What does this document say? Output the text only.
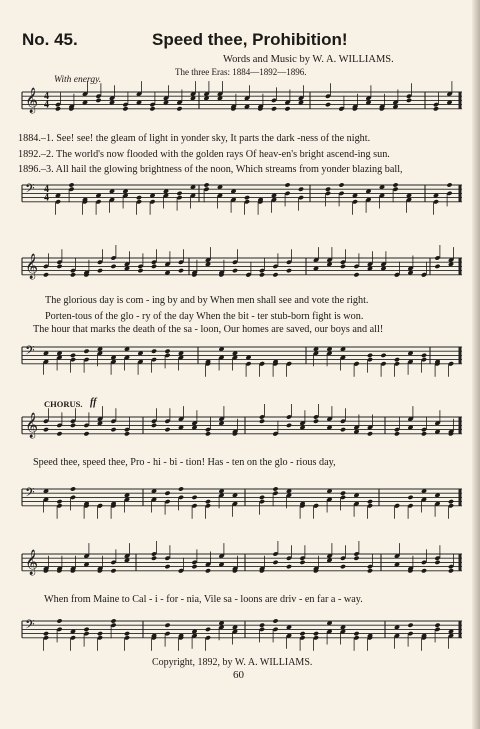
𝄞
𝄢
𝄞
𝄢
𝄞
𝄢
𝄞
𝄢
4
4
4
4
No. 45.	Speed thee, Prohibition!
Words and Music by W. A. WILLIAMS.
The three Eras: 1884—1892—1896.
With energy.
1884.–1. See! see! the gleam of light in yonder sky, It parts the dark -ness of the night.
1892.–2. The world's now flooded with the golden rays Of heav-en's bright ascend-ing sun.
1896.–3. All hail the glowing brightness of the noon, Which streams from yonder blazing ball,
The glorious day is com - ing by and by When men shall see and vote the right.
Porten-tous of the glo - ry of the day When the bit - ter stub-born fight is won.
The hour that marks the death of the sa - loon, Our homes are saved, our boys and all!
CHORUS. ff
Speed thee, speed thee, Pro - hi - bi - tion! Has - ten on the glo - rious day,
When from Maine to Cal - i - for - nia, Vile sa - loons are driv - en far a - way.
Copyright, 1892, by W. A. WILLIAMS.
60
